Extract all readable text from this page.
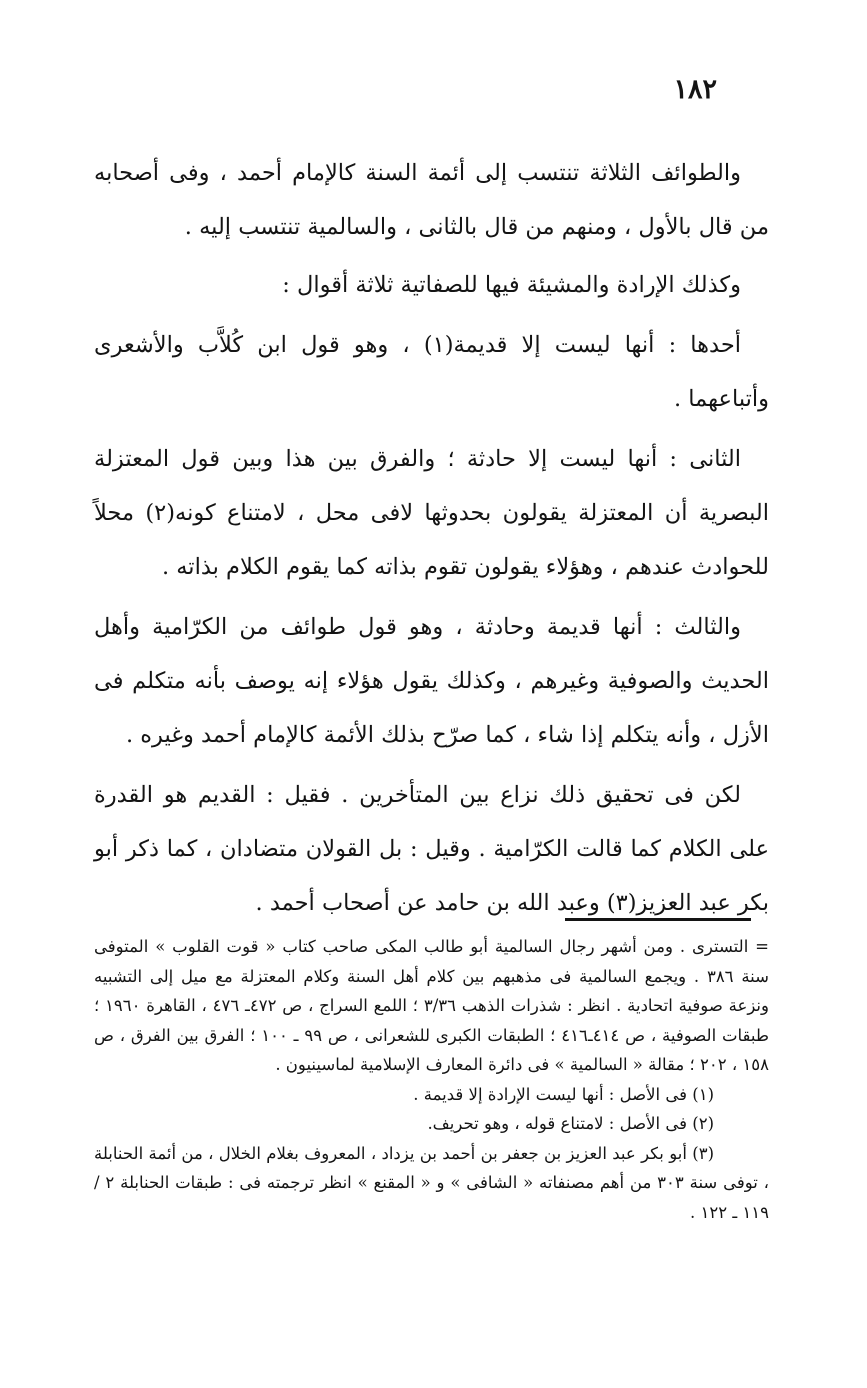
١٨٢

والطوائف الثلاثة تنتسب إلى أئمة السنة كالإمام أحمد ، وفى أصحابه من قال بالأول ، ومنهم من قال بالثانى ، والسالمية تنتسب إليه .

وكذلك الإرادة والمشيئة فيها للصفاتية ثلاثة أقوال :

أحدها : أنها ليست إلا قديمة(١) ، وهو قول ابن كُلاَّب والأشعرى وأتباعهما .

الثانى : أنها ليست إلا حادثة ؛ والفرق بين هذا وبين قول المعتزلة البصرية أن المعتزلة يقولون بحدوثها لافى محل ، لامتناع كونه(٢) محلاً للحوادث عندهم ، وهؤلاء يقولون تقوم بذاته كما يقوم الكلام بذاته .

والثالث : أنها قديمة وحادثة ، وهو قول طوائف من الكرّامية وأهل الحديث والصوفية وغيرهم ، وكذلك يقول هؤلاء إنه يوصف بأنه متكلم فى الأزل ، وأنه يتكلم إذا شاء ، كما صرّح بذلك الأئمة كالإمام أحمد وغيره .

لكن فى تحقيق ذلك نزاع بين المتأخرين . فقيل : القديم هو القدرة على الكلام كما قالت الكرّامية . وقيل : بل القولان متضادان ، كما ذكر أبو بكر عبد العزيز(٣) وعبد الله بن حامد عن أصحاب أحمد .

= التسترى . ومن أشهر رجال السالمية أبو طالب المكى صاحب كتاب « قوت القلوب » المتوفى سنة ٣٨٦ . ويجمع السالمية فى مذهبهم بين كلام أهل السنة وكلام المعتزلة مع ميل إلى التشبيه ونزعة صوفية اتحادية . انظر : شذرات الذهب ٣/٣٦ ؛ اللمع السراج ، ص ٤٧٢ـ ٤٧٦ ، القاهرة ١٩٦٠ ؛ طبقات الصوفية ، ص ٤١٤ـ٤١٦ ؛ الطبقات الكبرى للشعرانى ، ص ٩٩ ـ ١٠٠ ؛ الفرق بين الفرق ، ص ١٥٨ ، ٢٠٢ ؛ مقالة « السالمية » فى دائرة المعارف الإسلامية لماسينيون .

(١) فى الأصل : أنها ليست الإرادة إلا قديمة .

(٢) فى الأصل : لامتناع قوله ، وهو تحريف.

(٣) أبو بكر عبد العزيز بن جعفر بن أحمد بن يزداد ، المعروف بغلام الخلال ، من أئمة الحنابلة ، توفى سنة ٣٠٣ من أهم مصنفاته « الشافى » و « المقنع » انظر ترجمته فى : طبقات الحنابلة ٢ / ١١٩ ـ ١٢٢ .
